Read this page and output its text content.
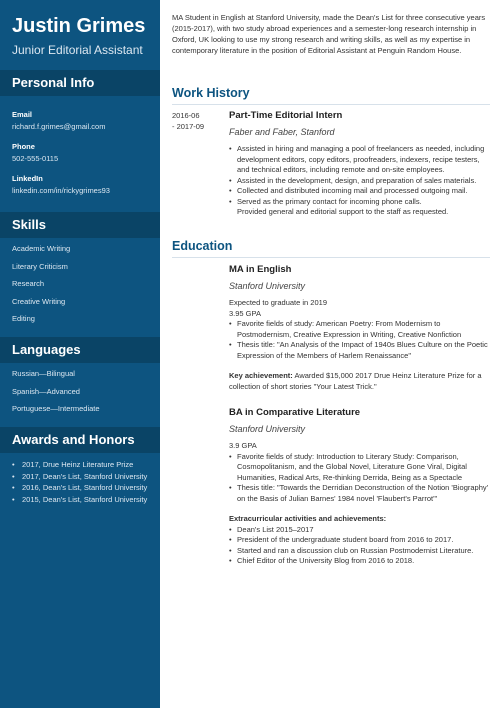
Justin Grimes
Junior Editorial Assistant
Personal Info
Email
richard.f.grimes@gmail.com
Phone
502-555-0115
LinkedIn
linkedin.com/in/rickygrimes93
Skills
Academic Writing
Literary Criticism
Research
Creative Writing
Editing
Languages
Russian—Bilingual
Spanish—Advanced
Portuguese—Intermediate
Awards and Honors
• 2017, Drue Heinz Literature Prize
• 2017, Dean's List, Stanford University
• 2016, Dean's List, Stanford University
• 2015, Dean's List, Stanford University
MA Student in English at Stanford University, made the Dean's List for three consecutive years (2015-2017), with two study abroad experiences and a semester-long research internship in Oxford, UK looking to use my strong research and writing skills, as well as my expertise in contemporary literature in the position of Editorial Assistant at Penguin Random House.
Work History
2016-06
- 2017-09
Part-Time Editorial Intern
Faber and Faber, Stanford
• Assisted in hiring and managing a pool of freelancers as needed, including development editors, copy editors, proofreaders, indexers, recipe testers, and technical editors, including remote and on-site employees.
• Assisted in the development, design, and preparation of sales materials.
• Collected and distributed incoming mail and processed outgoing mail.
• Served as the primary contact for incoming phone calls.
Provided general and editorial support to the staff as requested.
Education
MA in English
Stanford University
Expected to graduate in 2019
3.95 GPA
• Favorite fields of study: American Poetry: From Modernism to Postmodernism, Creative Expression in Writing, Creative Nonfiction
• Thesis title: "An Analysis of the Impact of 1940s Blues Culture on the Poetic Expression of the Members of Harlem Renaissance"
Key achievement: Awarded $15,000 2017 Drue Heinz Literature Prize for a collection of short stories "Your Latest Trick."
BA in Comparative Literature
Stanford University
3.9 GPA
• Favorite fields of study: Introduction to Literary Study: Comparison, Cosmopolitanism, and the Global Novel, Literature Gone Viral, Digital Humanities, Radical Arts, Re-thinking Derrida, Being as a Spectacle
• Thesis title: "Towards the Derridian Deconstruction of the Notion 'Biography' on the Basis of Julian Barnes' 1984 novel 'Flaubert's Parrot'"
Extracurricular activities and achievements:
• Dean's List 2015–2017
• President of the undergraduate student board from 2016 to 2017.
• Started and ran a discussion club on Russian Postmodernist Literature.
• Chief Editor of the University Blog from 2016 to 2018.
